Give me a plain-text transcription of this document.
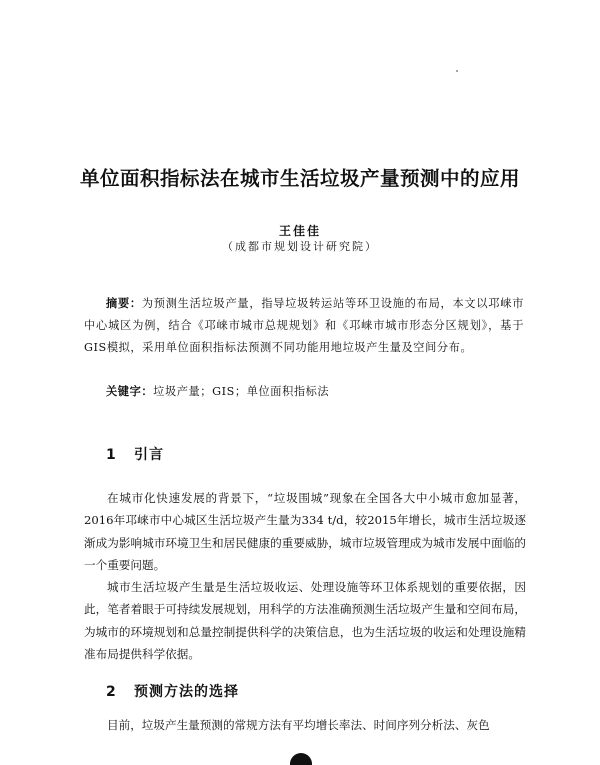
单位面积指标法在城市生活垃圾产量预测中的应用
王佳佳
（成都市规划设计研究院）
摘要：为预测生活垃圾产量，指导垃圾转运站等环卫设施的布局，本文以邛崃市中心城区为例，结合《邛崃市城市总规规划》和《邛崃市城市形态分区规划》，基于GIS模拟，采用单位面积指标法预测不同功能用地垃圾产生量及空间分布。
关键字：垃圾产量；GIS；单位面积指标法
1 引言
在城市化快速发展的背景下，“垃圾围城”现象在全国各大中小城市愈加显著，2016年邛崃市中心城区生活垃圾产生量为334 t/d，较2015年增长，城市生活垃圾逐渐成为影响城市环境卫生和居民健康的重要威胁，城市垃圾管理成为城市发展中面临的一个重要问题。
城市生活垃圾产生量是生活垃圾收运、处理设施等环卫体系规划的重要依据，因此，笔者着眼于可持续发展规划，用科学的方法准确预测生活垃圾产生量和空间布局，为城市的环境规划和总量控制提供科学的决策信息，也为生活垃圾的收运和处理设施精准布局提供科学依据。
2 预测方法的选择
目前，垃圾产生量预测的常规方法有平均增长率法、时间序列分析法、灰色
